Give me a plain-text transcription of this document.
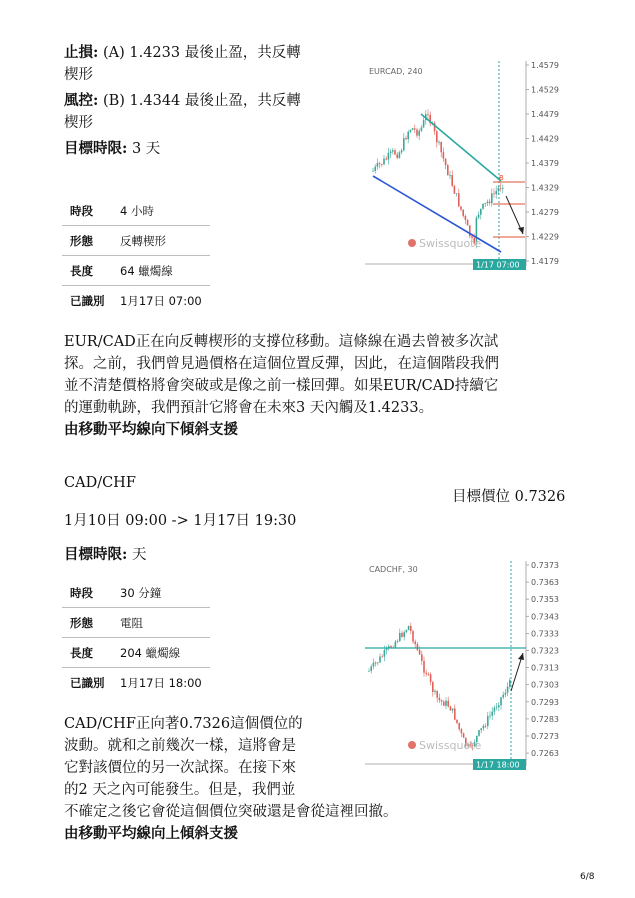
止損: (A) 1.4233 最後止盈，共反轉
楔形
風控: (B) 1.4344 最後止盈，共反轉
楔形
目標時限: 3 天
時段	4 小時
形態	反轉楔形
長度	64 蠟燭線
已識別	1月17日 07:00
EURCAD, 240
B
Swissquote
1/17 07:00
1.4579
1.4529
1.4479
1.4429
1.4379
1.4329
1.4279
1.4229
1.4179
EUR/CAD正在向反轉楔形的支撐位移動。這條線在過去曾被多次試
探。之前，我們曾見過價格在這個位置反彈，因此，在這個階段我們
並不清楚價格將會突破或是像之前一樣回彈。如果EUR/CAD持續它
的運動軌跡，我們預計它將會在未來3 天內觸及1.4233。
由移動平均線向下傾斜支援
CAD/CHF
目標價位 0.7326
1月10日 09:00 -> 1月17日 19:30
目標時限: 天
時段	30 分鐘
形態	電阻
長度	204 蠟燭線
已識別	1月17日 18:00
CADCHF, 30
Swissquote
1/17 18:00
0.7373
0.7363
0.7353
0.7343
0.7333
0.7323
0.7313
0.7303
0.7293
0.7283
0.7273
0.7263
CAD/CHF正向著0.7326這個價位的
波動。就和之前幾次一樣，這將會是
它對該價位的另一次試探。在接下來
的2 天之內可能發生。但是，我們並
不確定之後它會從這個價位突破還是會從這裡回撤。
由移動平均線向上傾斜支援
6/8
